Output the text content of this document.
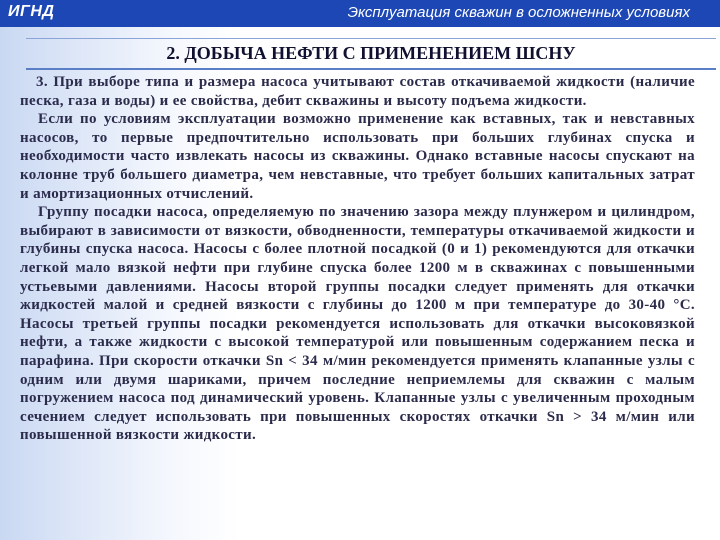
ИГНД	Эксплуатация скважин в осложненных условиях
2. ДОБЫЧА НЕФТИ С ПРИМЕНЕНИЕМ ШСНУ

3. При выборе типа и размера насоса учитывают состав откачиваемой жидкости (наличие песка, газа и воды) и ее свойства, дебит скважины и высоту подъема жидкости.

Если по условиям эксплуатации возможно применение как вставных, так и невставных насосов, то первые предпочтительно использовать при больших глубинах спуска и необходимости часто извлекать насосы из скважины. Однако вставные насосы спускают на колонне труб большего диаметра, чем невставные, что требует больших капитальных затрат и амортизационных отчислений.

Группу посадки насоса, определяемую по значению зазора между плунжером и цилиндром, выбирают в зависимости от вязкости, обводненности, температуры откачиваемой жидкости и глубины спуска насоса. Насосы с более плотной посадкой (0 и 1) рекомендуются для откачки легкой мало вязкой нефти при глубине спуска более 1200 м в скважинах с повышенными устьевыми давлениями. Насосы второй группы посадки следует применять для откачки жидкостей малой и средней вязкости с глубины до 1200 м при температуре до 30-40 °С. Насосы третьей группы посадки рекомендуется использовать для откачки высоковязкой нефти, а также жидкости с высокой температурой или повышенным содержанием песка и парафина. При скорости откачки Sn < 34 м/мин рекомендуется применять клапанные узлы с одним или двумя шариками, причем последние неприемлемы для скважин с малым погружением насоса под динамический уровень. Клапанные узлы с увеличенным проходным сечением следует использовать при повышенных скоростях откачки Sn > 34 м/мин или повышенной вязкости жидкости.
